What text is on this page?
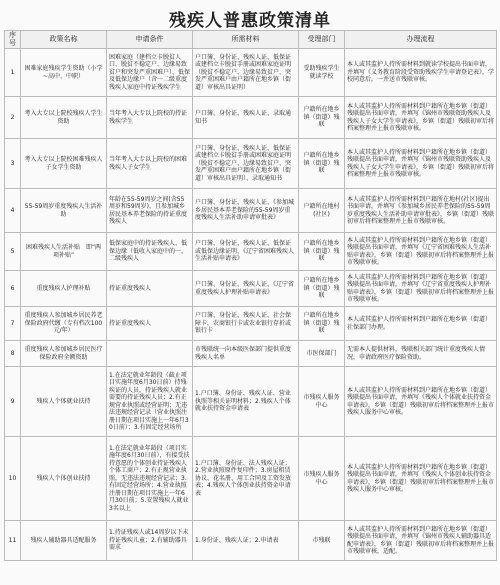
残疾人普惠政策清单
序号	政策名称	申请条件	所需材料	受理部门	办理流程
1	困难家庭残疾学生资助（小学~高中、中职）	困难家庭（建档立卡脱贫人口、脱贫不稳定户、边缘易致贫户和突发严重困难户）、低保及低保边缘户（含一二级重度残疾人家庭中持证残疾学生	户口簿、身份证、残疾人证、低保证或建档立卡脱贫手册或困难家庭证明（脱贫不稳定户、边缘易致贫户、突发严重困难户由户籍所在地乡镇（街道）审核出具证明）	受助残疾学生就读学校	本人或其监护人持所需材料到就读学校提出书面申请，并填写《义务教育阶段受资助残疾学生申请登记表》，学校同意后，一并送市残联审核。
2	考入大专以上院校残疾人学生资助	当年考入大专以上院校的持证残疾学生	户口簿、身份证、残疾人证、录取通知书	户籍所在地乡镇（街道）残联	本人或其监护人持所需材料到户籍所在地乡镇（街道）残联提出书面申请，并填写《锦州市残联资助残疾人及残疾人子女大学生申请表》，乡镇（街道）残联初审后将档案整理并上报市残联审核。
3	考入大专以上院校困难残疾人子女学生资助	当年考入大专以上院校的困难残疾人子女学生	户口簿、身份证、残疾人证、低保证或建档立卡脱贫手册或困难家庭证明（脱贫不稳定户、边缘易致贫户、突发严重困难户由户籍所在地乡镇（街道）审核出具证明）、录取通知书	户籍所在地乡镇（街道）残联	本人或其监护人持所需材料到户籍所在地乡镇（街道）残联提出书面申请，并填写《锦州市残联资助残疾人及残疾人子女大学生申请表》，乡镇（街道）残联初审后将档案整理并上报市残联审核。
4	55-59周岁重度残疾人生活补助	年龄在55-59周岁之间(含55周岁和59周岁)，且参加城乡居民基本养老保险的持证重度残疾人	户口簿、身份证、残疾人证、《参加城乡居民基本养老保险的55-59周岁重度残疾人生活补助申请审批表》	户籍所在地村(社区)	本人或其监护人持所需材料到户籍所在地村(社区)提出书面申请，并填写《参加城乡居民养老保险的55-59周岁重度残疾人生活补助申请审批表》，乡镇（街道）残联初审后将档案整理并上报市残联审核。
5	困难残疾人生活补贴　即“两项补贴”	低保家庭中的持证残疾人、低保边缘（低收入家庭中的一、二级残疾人	户口簿、身份证、残疾人证、低保证或低保边缘证明、《辽宁省困难残疾人生活补贴申请表》	户籍所在地乡镇（街道）残联	本人或其监护人持所需材料到户籍所在地乡镇（街道）残联提出书面申请，并填写《辽宁省困难残疾人生活补贴申请表》，乡镇（街道）残联初审后将档案整理并上报市残联审核。
6	重度残疾人护理补贴	持证重度残疾人	户口簿、身份证、残疾人证、《辽宁省重度残疾人护理补贴申请表》	户籍所在地乡镇（街道）残联	本人或其监护人持所需材料到户籍所在地乡镇（街道）残联提出书面申请，并填写《辽宁省重度残疾人护理补贴申请表》，乡镇（街道）残联初审后将档案整理并上报市残联审核。
7	重度残疾人参加城乡居民养老保险政府代缴（专有档次100元/年）	持证重度残疾人	户口簿、身份证、残疾人证、社会保障卡，农商银行卡或农业银行存折或银行卡	户籍所在地乡镇（街道）残联	本人或其监护人持所需材料到户籍所在地乡镇（街道）社保部门办理。
8	重度残疾人参加城乡居民医疗保险政府全额资助		市残联统一向本级医保部门提供重度残疾人名单	市医保部门	无需本人提供材料，残联相关部门统计重度残疾人情况，申请政府医疗保险资助。
9	残疾人个体就业扶持	1.在法定就业年龄段（截止项目实施年度6月30日前）持残疾证的人员，持证残疾人就业需要的持证残疾人员；2.有正规营业执照或经营证明；无违法违规经营记录（营业执照注册日期在项目实施上一年6月30日前）；3.有固定经营场所	1.户口簿、身份证、残疾人证、营业执照等相关证明材料；2.残疾人个体就业扶持资金申请表	市残疾人服务中心	本人或其监护人持所需材料到户籍所在地乡镇（街道）残联提出书面申请，并填写《残疾人个体就业扶持资金申请表》，乡镇（街道）残联初审后将档案整理并上报市残疾人服务中心审核。
10	残疾人个体创业扶持	1.在法定就业年龄段（项目实施年度6月30日前），有接受扶持意愿的个体创业持证残疾人个体工商户；2.有正规营业执照，无违法违规经营记录；3.有固定经营场所；4.营业执照注册日期在项目实施上一年6月30日前；5.安置残疾人就业3名以上	1.户口簿、身份证、法人残疾人证；2.营业执照原件复印件；3.房屋租赁协议、花名册、用工合同及工资发放表；4.残疾人个体创业扶持资金申请表	市残疾人服务中心	本人或其监护人持所需材料到户籍所在地乡镇（街道）残联提出书面申请，并填写《残疾人个体创业扶持资金申请表》，乡镇（街道）残联初审后将档案整理并上报市残疾人服务中心审核。
11	残疾人辅助器具适配服务	1.持证残疾人或14周岁以下未持证残疾儿童；2.有辅助器具需求	1.身份证、残疾人证；2.申请表	市残联	本人或其监护人持所需材料到户籍所在地乡镇（街道）残联提出书面申请，并填写《锦州市残疾人辅助器具适配申请表》，乡镇（街道）残联初审后将档案整理并上报市残联审核，适配。
